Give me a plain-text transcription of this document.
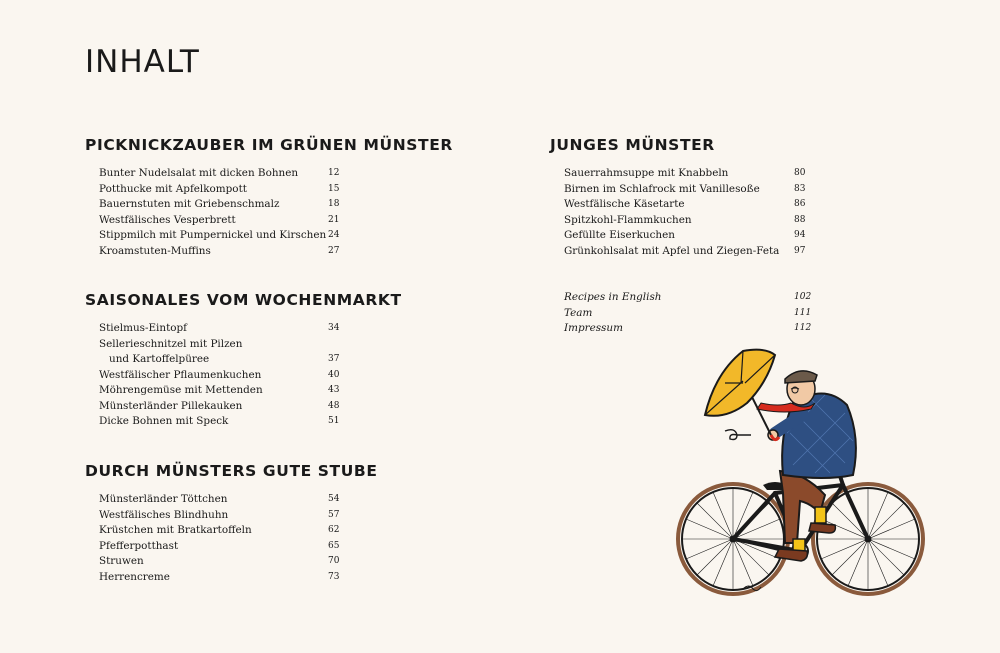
INHALT
PICKNICKZAUBER IM GRÜNEN MÜNSTER
Bunter Nudelsalat mit dicken Bohnen	12
Potthucke mit Apfelkompott	15
Bauernstuten mit Griebenschmalz	18
Westfälisches Vesperbrett	21
Stippmilch mit Pumpernickel und Kirschen 24
Kroamstuten-Muffins	27
SAISONALES VOM WOCHENMARKT
Stielmus-Eintopf	34
Sellerieschnitzel mit Pilzen
und Kartoffelpüree	37
Westfälischer Pflaumenkuchen	40
Möhrengemüse mit Mettenden	43
Münsterländer Pillekauken	48
Dicke Bohnen mit Speck	51
DURCH MÜNSTERS GUTE STUBE
Münsterländer Töttchen	54
Westfälisches Blindhuhn	57
Krüstchen mit Bratkartoffeln	62
Pfefferpotthast	65
Struwen	70
Herrencreme	73
JUNGES MÜNSTER
Sauerrahmsuppe mit Knabbeln	80
Birnen im Schlafrock mit Vanillesoße	83
Westfälische Käsetarte	86
Spitzkohl-Flammkuchen	88
Gefüllte Eiserkuchen	94
Grünkohlsalat mit Apfel und Ziegen-Feta 97
Recipes in English	102
Team	111
Impressum	112
